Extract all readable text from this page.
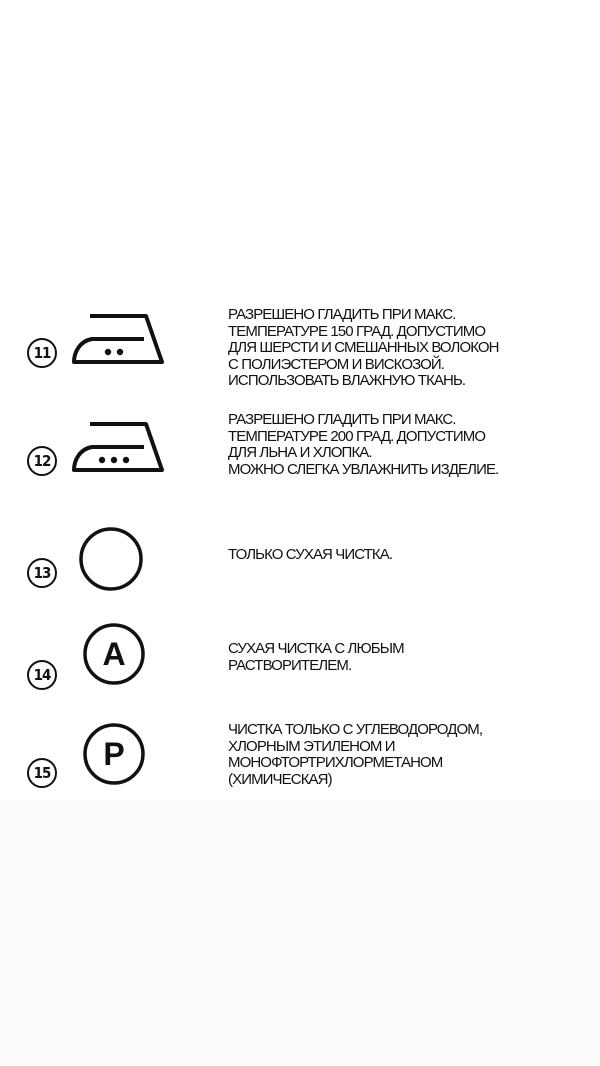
11
РАЗРЕШЕНО ГЛАДИТЬ ПРИ МАКС.
ТЕМПЕРАТУРЕ 150 ГРАД. ДОПУСТИМО
ДЛЯ ШЕРСТИ И СМЕШАННЫХ ВОЛОКОН
С ПОЛИЭСТЕРОМ И ВИСКОЗОЙ.
ИСПОЛЬЗОВАТЬ ВЛАЖНУЮ ТКАНЬ.
12
РАЗРЕШЕНО ГЛАДИТЬ ПРИ МАКС.
ТЕМПЕРАТУРЕ 200 ГРАД. ДОПУСТИМО
ДЛЯ ЛЬНА И ХЛОПКА.
МОЖНО СЛЕГКА УВЛАЖНИТЬ ИЗДЕЛИЕ.
13
ТОЛЬКО СУХАЯ ЧИСТКА.
14
A	СУХАЯ ЧИСТКА С ЛЮБЫМ
РАСТВОРИТЕЛЕМ.
15
P
ЧИСТКА ТОЛЬКО С УГЛЕВОДОРОДОМ,
ХЛОРНЫМ ЭТИЛЕНОМ И
МОНОФТОРТРИХЛОРМЕТАНОМ
(ХИМИЧЕСКАЯ)
